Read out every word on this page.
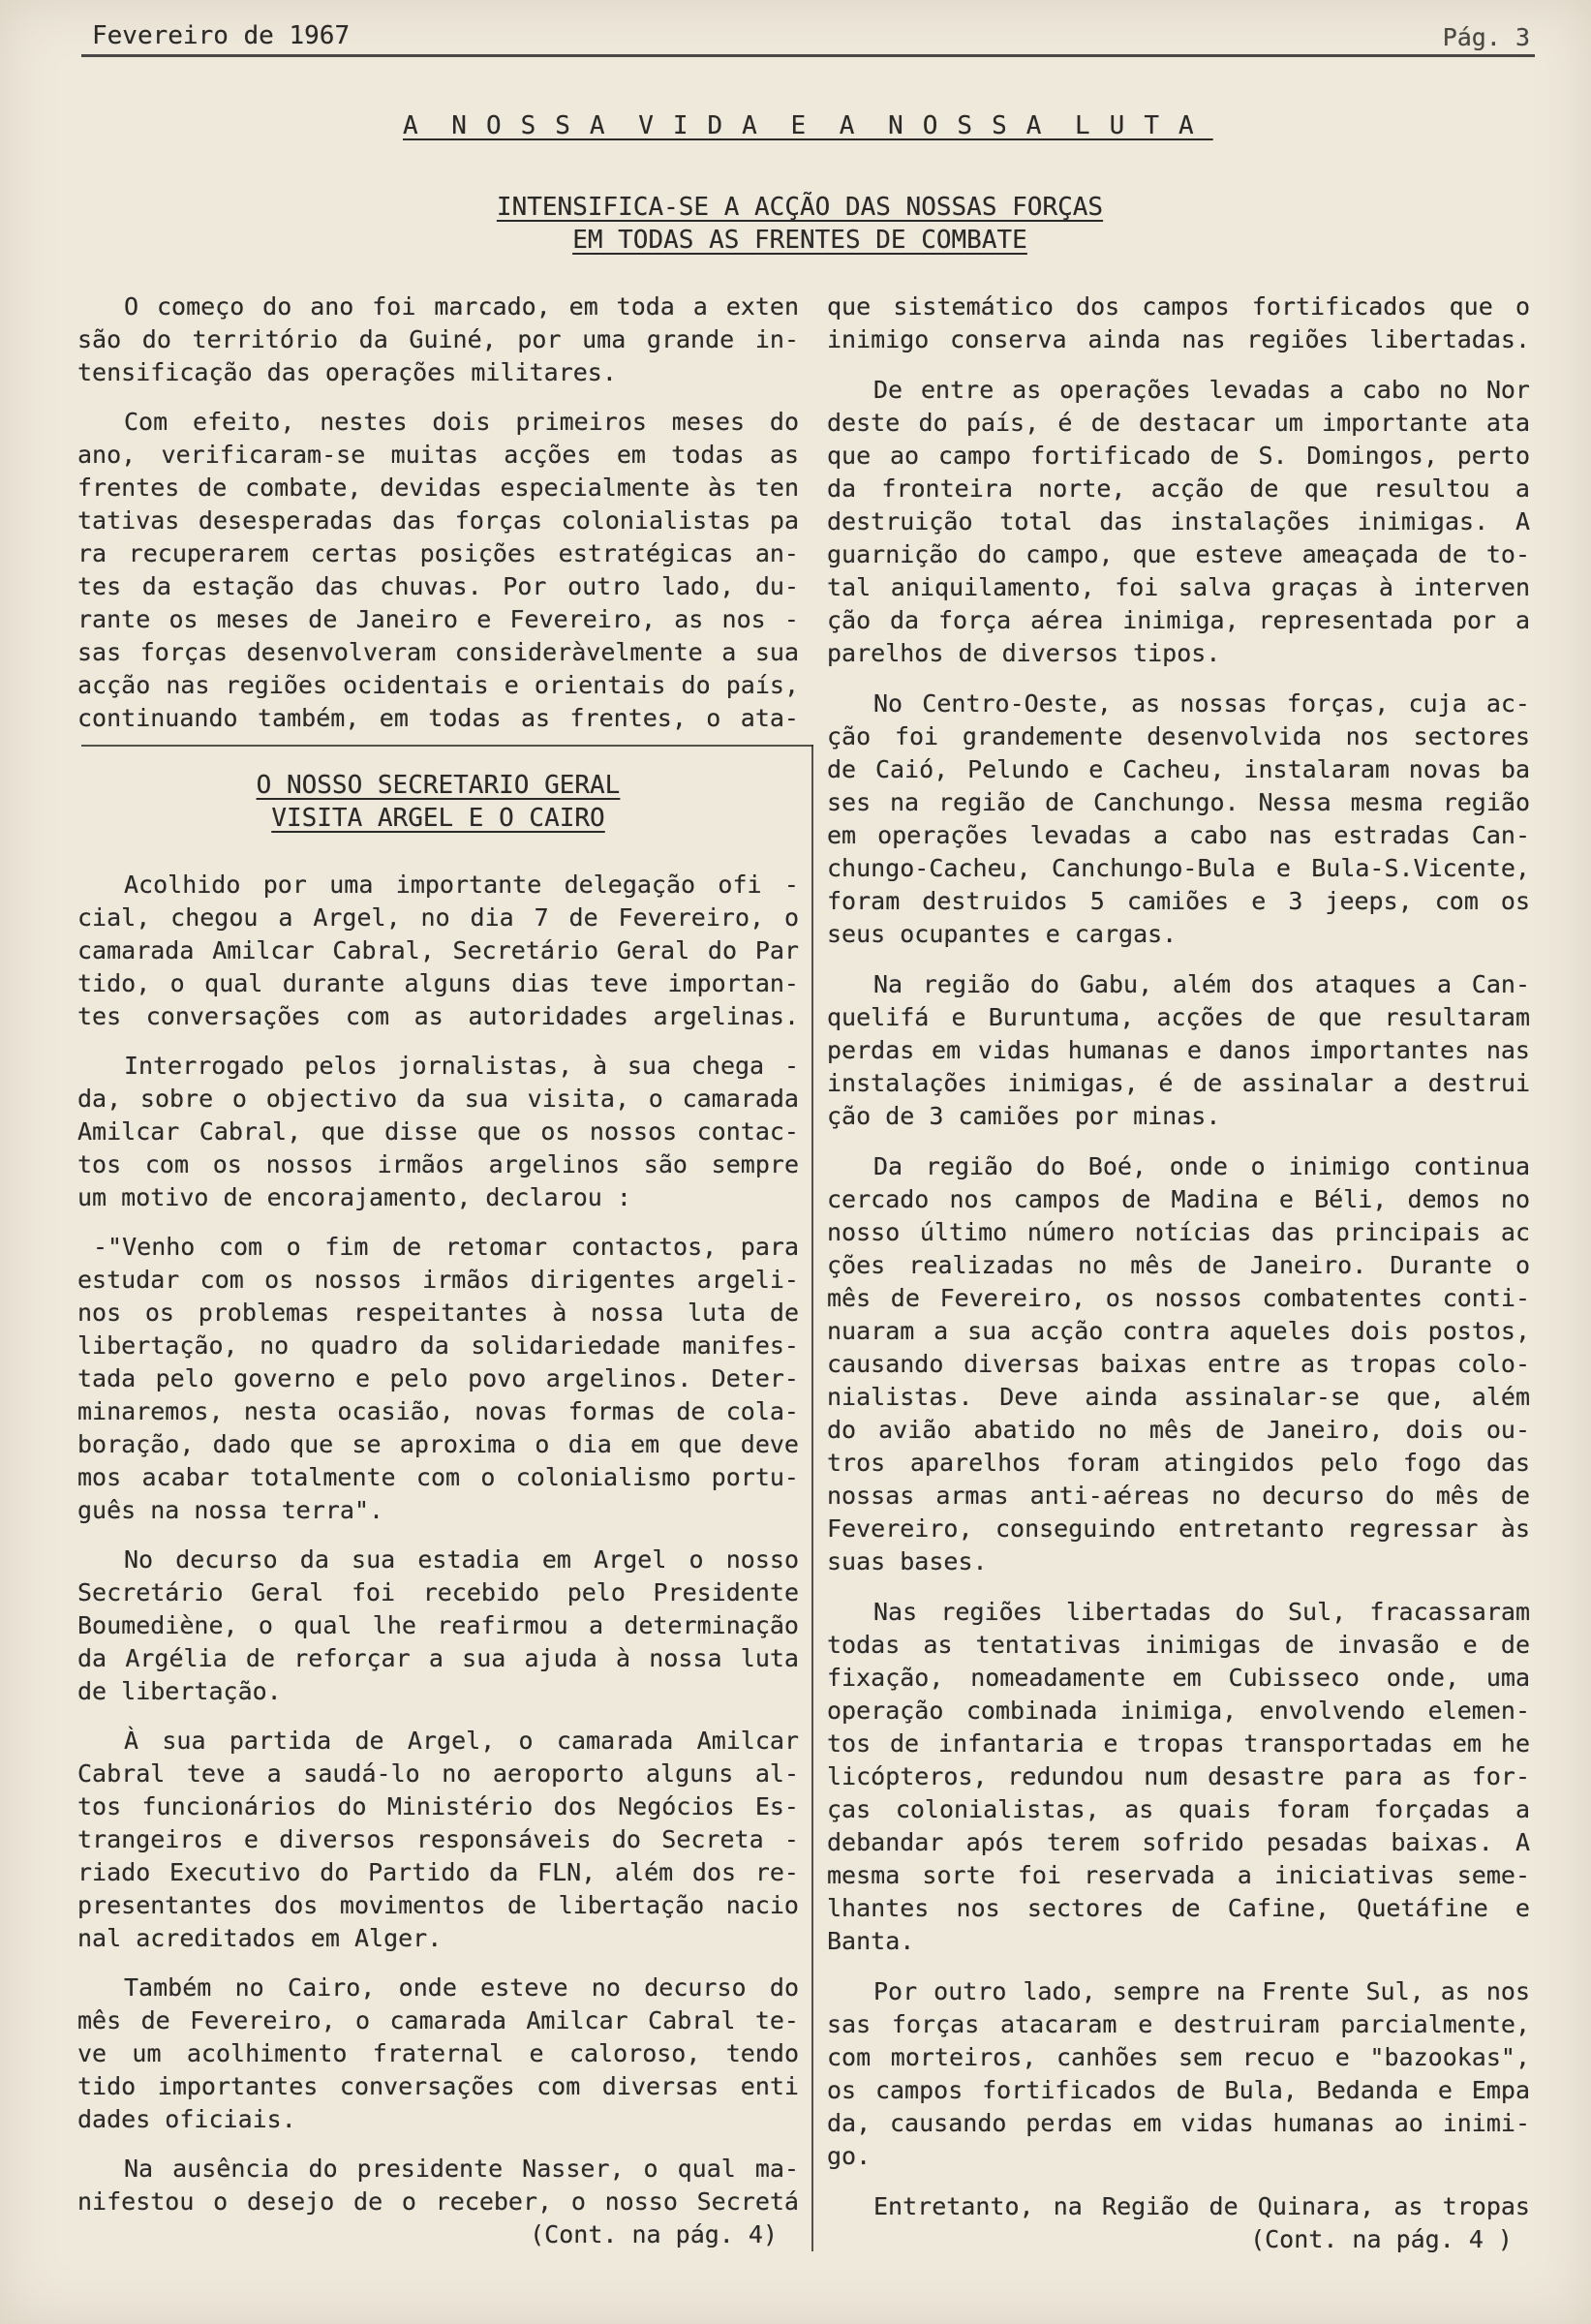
Fevereiro de 1967	Pág. 3
A NOSSA VIDA E A NOSSA LUTA
INTENSIFICA-SE A ACÇÃO DAS NOSSAS FORÇAS
EM TODAS AS FRENTES DE COMBATE
O começo do ano foi marcado, em toda a exten
são do território da Guiné, por uma grande in-
tensificação das operações militares.
Com efeito, nestes dois primeiros meses do
ano, verificaram-se muitas acções em todas as
frentes de combate, devidas especialmente às ten
tativas desesperadas das forças colonialistas pa
ra recuperarem certas posições estratégicas an-
tes da estação das chuvas. Por outro lado, du-
rante os meses de Janeiro e Fevereiro, as nos -
sas forças desenvolveram consideràvelmente a sua
acção nas regiões ocidentais e orientais do país,
continuando também, em todas as frentes, o ata-
que sistemático dos campos fortificados que o
inimigo conserva ainda nas regiões libertadas.
De entre as operações levadas a cabo no Nor
deste do país, é de destacar um importante ata
que ao campo fortificado de S. Domingos, perto
da fronteira norte, acção de que resultou a
destruição total das instalações inimigas. A
guarnição do campo, que esteve ameaçada de to-
tal aniquilamento, foi salva graças à interven
ção da força aérea inimiga, representada por a
parelhos de diversos tipos.
No Centro-Oeste, as nossas forças, cuja ac-
ção foi grandemente desenvolvida nos sectores
de Caió, Pelundo e Cacheu, instalaram novas ba
ses na região de Canchungo. Nessa mesma região
em operações levadas a cabo nas estradas Can-
chungo-Cacheu, Canchungo-Bula e Bula-S.Vicente,
foram destruidos 5 camiões e 3 jeeps, com os
seus ocupantes e cargas.
Na região do Gabu, além dos ataques a Can-
quelifá e Buruntuma, acções de que resultaram
perdas em vidas humanas e danos importantes nas
instalações inimigas, é de assinalar a destrui
ção de 3 camiões por minas.
Da região do Boé, onde o inimigo continua
cercado nos campos de Madina e Béli, demos no
nosso último número notícias das principais ac
ções realizadas no mês de Janeiro. Durante o
mês de Fevereiro, os nossos combatentes conti-
nuaram a sua acção contra aqueles dois postos,
causando diversas baixas entre as tropas colo-
nialistas. Deve ainda assinalar-se que, além
do avião abatido no mês de Janeiro, dois ou-
tros aparelhos foram atingidos pelo fogo das
nossas armas anti-aéreas no decurso do mês de
Fevereiro, conseguindo entretanto regressar às
suas bases.
Nas regiões libertadas do Sul, fracassaram
todas as tentativas inimigas de invasão e de
fixação, nomeadamente em Cubisseco onde, uma
operação combinada inimiga, envolvendo elemen-
tos de infantaria e tropas transportadas em he
licópteros, redundou num desastre para as for-
ças colonialistas, as quais foram forçadas a
debandar após terem sofrido pesadas baixas. A
mesma sorte foi reservada a iniciativas seme-
lhantes nos sectores de Cafine, Quetáfine e
Banta.
Por outro lado, sempre na Frente Sul, as nos
sas forças atacaram e destruiram parcialmente,
com morteiros, canhões sem recuo e "bazookas",
os campos fortificados de Bula, Bedanda e Empa
da, causando perdas em vidas humanas ao inimi-
go.
Entretanto, na Região de Quinara, as tropas
(Cont. na pág. 4 )
O NOSSO SECRETARIO GERAL
VISITA ARGEL E O CAIRO
Acolhido por uma importante delegação ofi -
cial, chegou a Argel, no dia 7 de Fevereiro, o
camarada Amilcar Cabral, Secretário Geral do Par
tido, o qual durante alguns dias teve importan-
tes conversações com as autoridades argelinas.
Interrogado pelos jornalistas, à sua chega -
da, sobre o objectivo da sua visita, o camarada
Amilcar Cabral, que disse que os nossos contac-
tos com os nossos irmãos argelinos são sempre
um motivo de encorajamento, declarou :
-"Venho com o fim de retomar contactos, para
estudar com os nossos irmãos dirigentes argeli-
nos os problemas respeitantes à nossa luta de
libertação, no quadro da solidariedade manifes-
tada pelo governo e pelo povo argelinos. Deter-
minaremos, nesta ocasião, novas formas de cola-
boração, dado que se aproxima o dia em que deve
mos acabar totalmente com o colonialismo portu-
guês na nossa terra".
No decurso da sua estadia em Argel o nosso
Secretário Geral foi recebido pelo Presidente
Boumediène, o qual lhe reafirmou a determinação
da Argélia de reforçar a sua ajuda à nossa luta
de libertação.
À sua partida de Argel, o camarada Amilcar
Cabral teve a saudá-lo no aeroporto alguns al-
tos funcionários do Ministério dos Negócios Es-
trangeiros e diversos responsáveis do Secreta -
riado Executivo do Partido da FLN, além dos re-
presentantes dos movimentos de libertação nacio
nal acreditados em Alger.
Também no Cairo, onde esteve no decurso do
mês de Fevereiro, o camarada Amilcar Cabral te-
ve um acolhimento fraternal e caloroso, tendo
tido importantes conversações com diversas enti
dades oficiais.
Na ausência do presidente Nasser, o qual ma-
nifestou o desejo de o receber, o nosso Secretá
(Cont. na pág. 4)
